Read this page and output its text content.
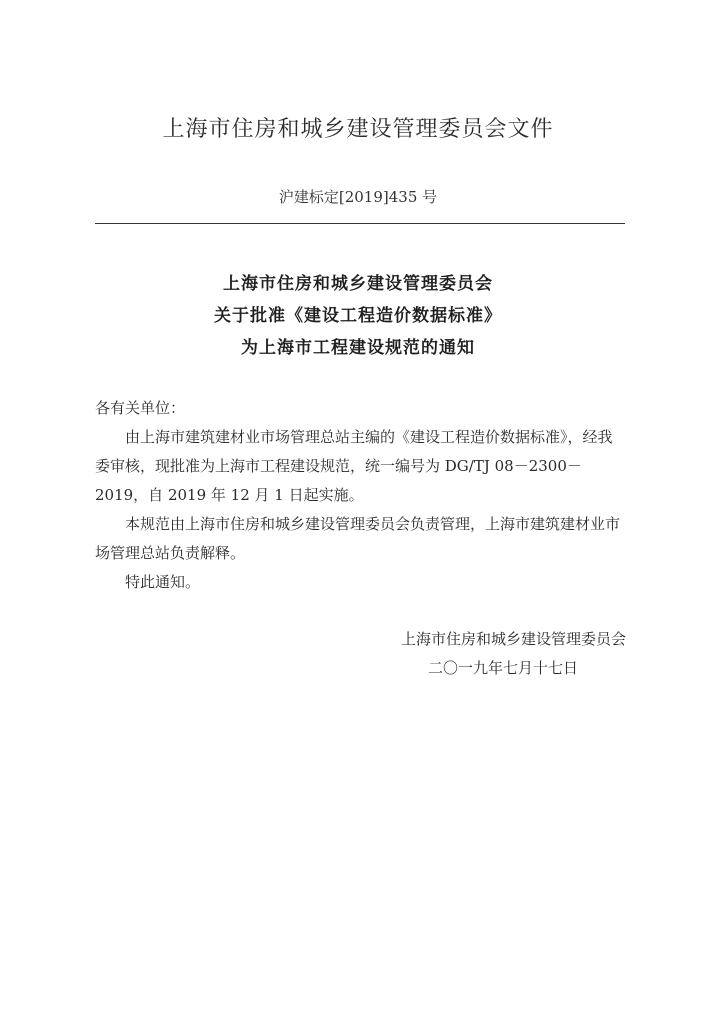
上海市住房和城乡建设管理委员会文件
沪建标定[2019]435 号
上海市住房和城乡建设管理委员会
关于批准《建设工程造价数据标准》
为上海市工程建设规范的通知

各有关单位：

由上海市建筑建材业市场管理总站主编的《建设工程造价数据标准》，经我委审核，现批准为上海市工程建设规范，统一编号为 DG/TJ 08－2300－2019，自 2019 年 12 月 1 日起实施。

本规范由上海市住房和城乡建设管理委员会负责管理，上海市建筑建材业市场管理总站负责解释。

特此通知。

上海市住房和城乡建设管理委员会
二〇一九年七月十七日
